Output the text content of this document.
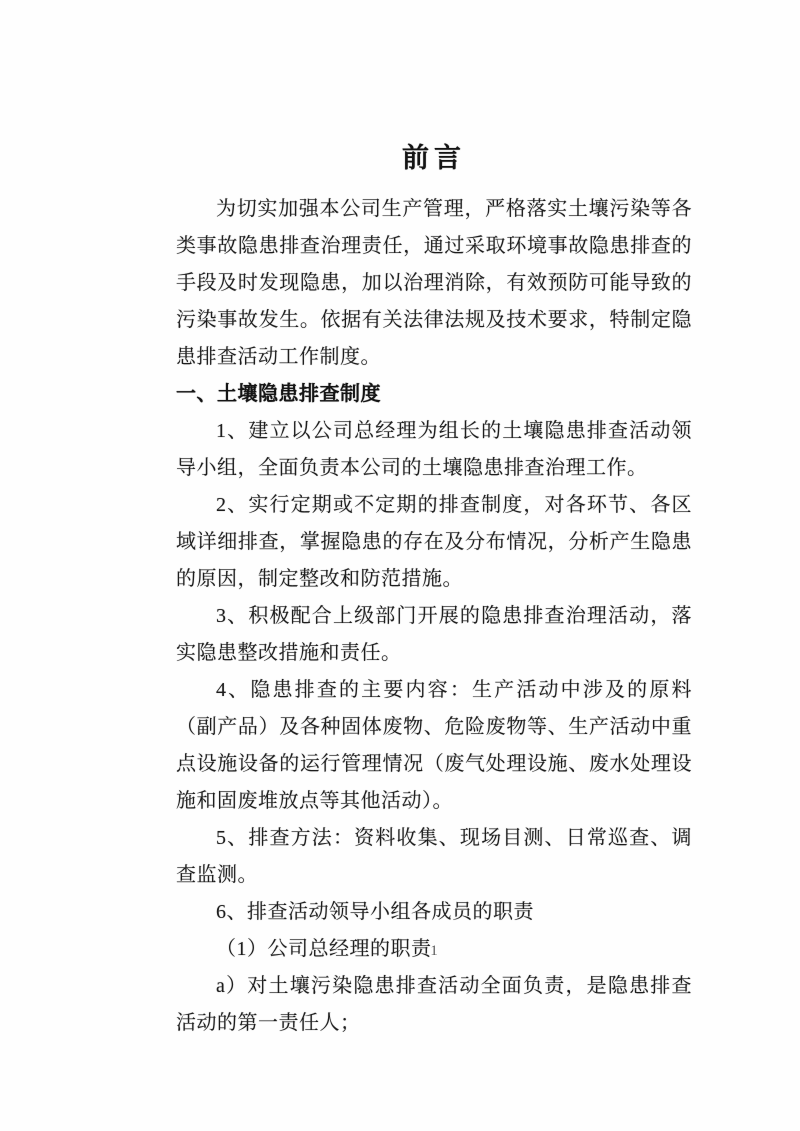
前言

为切实加强本公司生产管理，严格落实土壤污染等各类事故隐患排查治理责任，通过采取环境事故隐患排查的手段及时发现隐患，加以治理消除，有效预防可能导致的污染事故发生。依据有关法律法规及技术要求，特制定隐患排查活动工作制度。

一、土壤隐患排查制度

1、建立以公司总经理为组长的土壤隐患排查活动领导小组，全面负责本公司的土壤隐患排查治理工作。

2、实行定期或不定期的排查制度，对各环节、各区域详细排查，掌握隐患的存在及分布情况，分析产生隐患的原因，制定整改和防范措施。

3、积极配合上级部门开展的隐患排查治理活动，落实隐患整改措施和责任。

4、隐患排查的主要内容：生产活动中涉及的原料（副产品）及各种固体废物、危险废物等、生产活动中重点设施设备的运行管理情况（废气处理设施、废水处理设施和固废堆放点等其他活动）。

5、排查方法：资料收集、现场目测、日常巡查、调查监测。

6、排查活动领导小组各成员的职责

（1）公司总经理的职责

a）对土壤污染隐患排查活动全面负责，是隐患排查活动的第一责任人；

1
